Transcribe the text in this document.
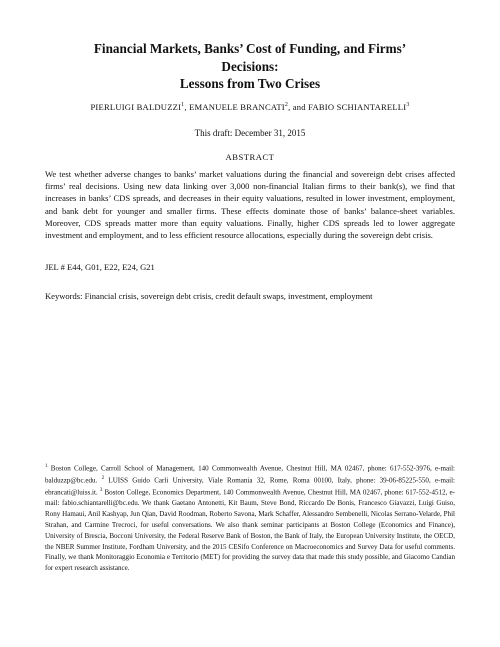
Financial Markets, Banks’ Cost of Funding, and Firms’
Decisions:
Lessons from Two Crises
PIERLUIGI BALDUZZI$^1$, EMANUELE BRANCATI$^2$, and FABIO SCHIANTARELLI$^3$
This draft: December 31, 2015
ABSTRACT
We test whether adverse changes to banks’ market valuations during the financial and sovereign debt crises affected firms’ real decisions. Using new data linking over 3,000 non-financial Italian firms to their bank(s), we find that increases in banks’ CDS spreads, and decreases in their equity valuations, resulted in lower investment, employment, and bank debt for younger and smaller firms. These effects dominate those of banks’ balance-sheet variables. Moreover, CDS spreads matter more than equity valuations. Finally, higher CDS spreads led to lower aggregate investment and employment, and to less efficient resource allocations, especially during the sovereign debt crisis.
JEL # E44, G01, E22, E24, G21
Keywords: Financial crisis, sovereign debt crisis, credit default swaps, investment, employment
$^1$ Boston College, Carroll School of Management, 140 Commonwealth Avenue, Chestnut Hill, MA 02467, phone: 617-552-3976, e-mail: balduzzp@bc.edu. $^2$ LUISS Guido Carli University, Viale Romania 32, Rome, Roma 00100, Italy, phone: 39-06-85225-550, e-mail: ebrancati@luiss.it. $^3$ Boston College, Economics Department, 140 Commonwealth Avenue, Chestnut Hill, MA 02467, phone: 617-552-4512, e-mail: fabio.schiantarelli@bc.edu. We thank Gaetano Antonetti, Kit Baum, Steve Bond, Riccardo De Bonis, Francesco Giavazzi, Luigi Guiso, Rony Hamaui, Anil Kashyap, Jun Qian, David Roodman, Roberto Savona, Mark Schaffer, Alessandro Sembenelli, Nicolas Serrano-Velarde, Phil Strahan, and Carmine Trecroci, for useful conversations. We also thank seminar participants at Boston College (Economics and Finance), University of Brescia, Bocconi University, the Federal Reserve Bank of Boston, the Bank of Italy, the European University Institute, the OECD, the NBER Summer Institute, Fordham University, and the 2015 CESifo Conference on Macroeconomics and Survey Data for useful comments. Finally, we thank Monitoraggio Economia e Territorio (MET) for providing the survey data that made this study possible, and Giacomo Candian for expert research assistance.
